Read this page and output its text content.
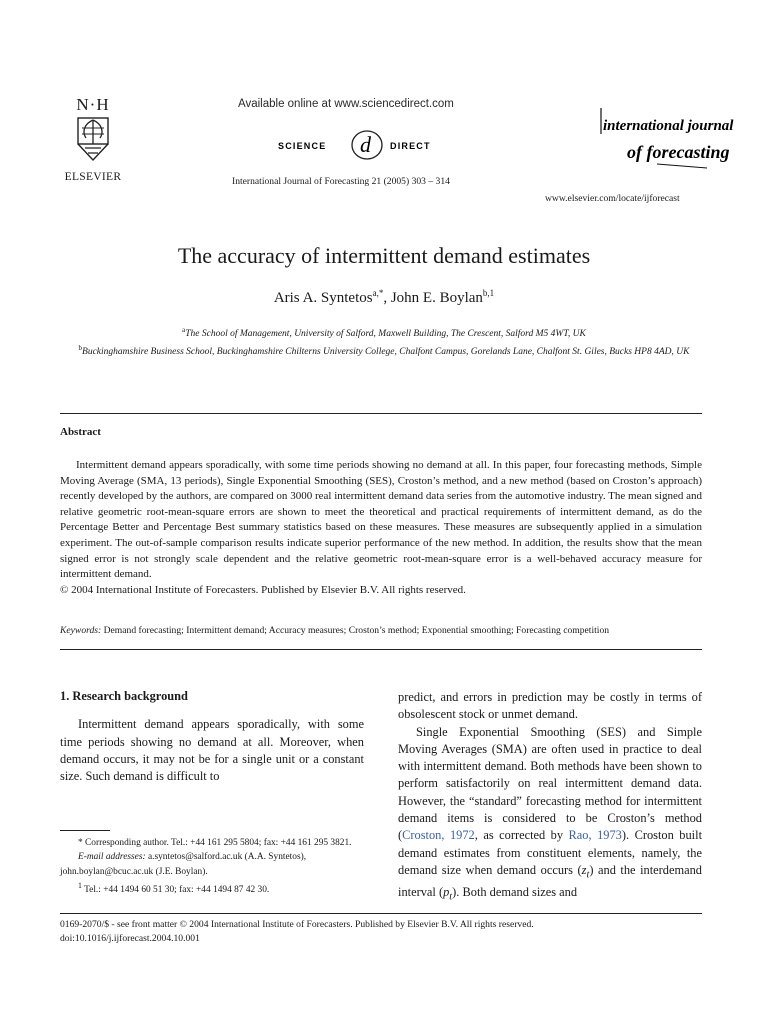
N·H
ELSEVIER
Available online at www.sciencedirect.com
SCIENCE d DIRECT
International Journal of Forecasting 21 (2005) 303 – 314
international journal
of forecasting
www.elsevier.com/locate/ijforecast
The accuracy of intermittent demand estimates
Aris A. Syntetos$^{a,*}$, John E. Boylan$^{b,1}$
$^a$The School of Management, University of Salford, Maxwell Building, The Crescent, Salford M5 4WT, UK
$^b$Buckinghamshire Business School, Buckinghamshire Chilterns University College, Chalfont Campus, Gorelands Lane, Chalfont St. Giles, Bucks HP8 4AD, UK
Abstract
Intermittent demand appears sporadically, with some time periods showing no demand at all. In this paper, four forecasting methods, Simple Moving Average (SMA, 13 periods), Single Exponential Smoothing (SES), Croston’s method, and a new method (based on Croston’s approach) recently developed by the authors, are compared on 3000 real intermittent demand data series from the automotive industry. The mean signed and relative geometric root-mean-square errors are shown to meet the theoretical and practical requirements of intermittent demand, as do the Percentage Better and Percentage Best summary statistics based on these measures. These measures are subsequently applied in a simulation experiment. The out-of-sample comparison results indicate superior performance of the new method. In addition, the results show that the mean signed error is not strongly scale dependent and the relative geometric root-mean-square error is a well-behaved accuracy measure for intermittent demand.
© 2004 International Institute of Forecasters. Published by Elsevier B.V. All rights reserved.
Keywords: Demand forecasting; Intermittent demand; Accuracy measures; Croston’s method; Exponential smoothing; Forecasting competition
1. Research background
Intermittent demand appears sporadically, with some time periods showing no demand at all. Moreover, when demand occurs, it may not be for a single unit or a constant size. Such demand is difficult to
predict, and errors in prediction may be costly in terms of obsolescent stock or unmet demand.
Single Exponential Smoothing (SES) and Simple Moving Averages (SMA) are often used in practice to deal with intermittent demand. Both methods have been shown to perform satisfactorily on real intermittent demand data. However, the “standard” forecasting method for intermittent demand items is considered to be Croston’s method (Croston, 1972, as corrected by Rao, 1973). Croston built demand estimates from constituent elements, namely, the demand size when demand occurs $(z_t)$ and the interdemand interval $(p_t)$. Both demand sizes and

* Corresponding author. Tel.: +44 161 295 5804; fax: +44 161 295 3821.

E-mail addresses: a.syntetos@salford.ac.uk (A.A. Syntetos), john.boylan@bcuc.ac.uk (J.E. Boylan).

$^1$ Tel.: +44 1494 60 51 30; fax: +44 1494 87 42 30.

0169-2070/$ - see front matter © 2004 International Institute of Forecasters. Published by Elsevier B.V. All rights reserved.

doi:10.1016/j.ijforecast.2004.10.001
